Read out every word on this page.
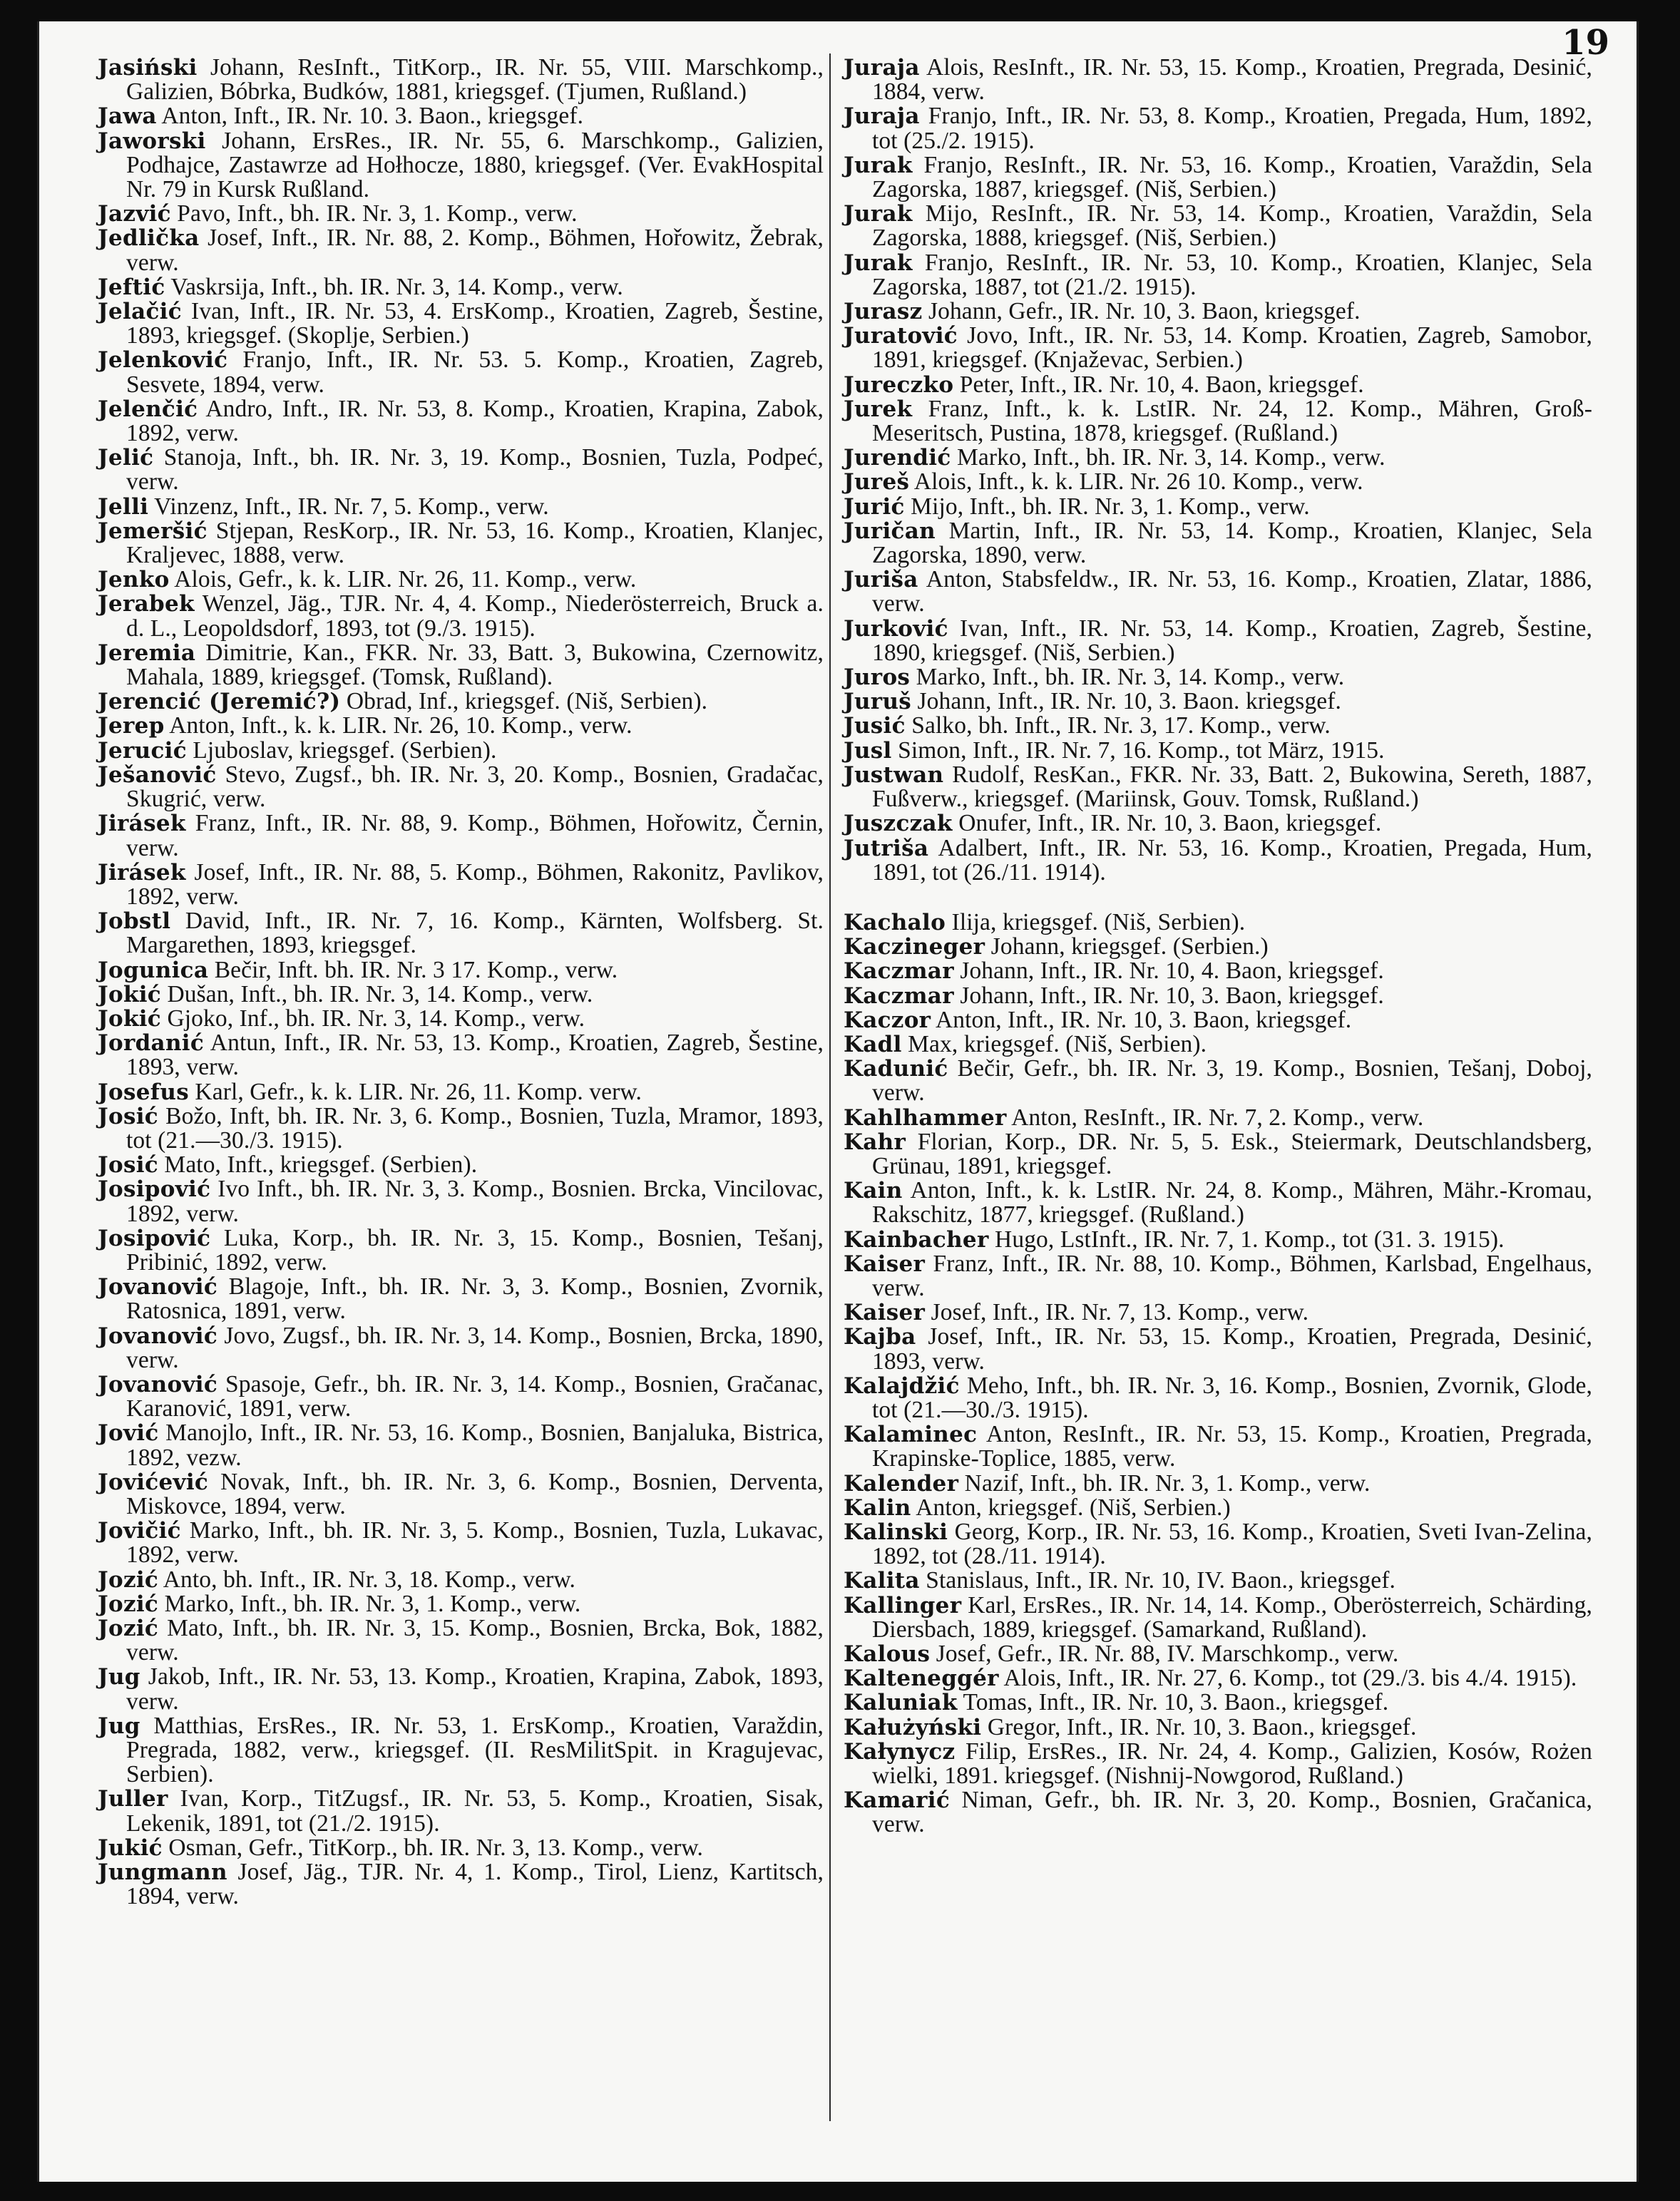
19

Jasiński Johann, ResInft., TitKorp., IR. Nr. 55, VIII. Marschkomp., Galizien, Bóbrka, Budków, 1881, kriegsgef. (Tjumen, Rußland.)

Jawa Anton, Inft., IR. Nr. 10. 3. Baon., kriegsgef.

Jaworski Johann, ErsRes., IR. Nr. 55, 6. Marschkomp., Galizien, Podhajce, Zastawrze ad Hołhocze, 1880, kriegsgef. (Ver. EvakHospital Nr. 79 in Kursk Rußland.

Jazvić Pavo, Inft., bh. IR. Nr. 3, 1. Komp., verw.

Jedlička Josef, Inft., IR. Nr. 88, 2. Komp., Böhmen, Hořowitz, Žebrak, verw.

Jeftić Vaskrsija, Inft., bh. IR. Nr. 3, 14. Komp., verw.

Jelačić Ivan, Inft., IR. Nr. 53, 4. ErsKomp., Kroatien, Zagreb, Šestine, 1893, kriegsgef. (Skoplje, Serbien.)

Jelenković Franjo, Inft., IR. Nr. 53. 5. Komp., Kroatien, Zagreb, Sesvete, 1894, verw.

Jelenčić Andro, Inft., IR. Nr. 53, 8. Komp., Kroatien, Krapina, Zabok, 1892, verw.

Jelić Stanoja, Inft., bh. IR. Nr. 3, 19. Komp., Bosnien, Tuzla, Podpeć, verw.

Jelli Vinzenz, Inft., IR. Nr. 7, 5. Komp., verw.

Jemeršić Stjepan, ResKorp., IR. Nr. 53, 16. Komp., Kroatien, Klanjec, Kraljevec, 1888, verw.

Jenko Alois, Gefr., k. k. LIR. Nr. 26, 11. Komp., verw.

Jerabek Wenzel, Jäg., TJR. Nr. 4, 4. Komp., Niederösterreich, Bruck a. d. L., Leopoldsdorf, 1893, tot (9./3. 1915).

Jeremia Dimitrie, Kan., FKR. Nr. 33, Batt. 3, Bukowina, Czernowitz, Mahala, 1889, kriegsgef. (Tomsk, Rußland).

Jerencić (Jeremić?) Obrad, Inf., kriegsgef. (Niš, Serbien).

Jerep Anton, Inft., k. k. LIR. Nr. 26, 10. Komp., verw.

Jerucić Ljuboslav, kriegsgef. (Serbien).

Ješanović Stevo, Zugsf., bh. IR. Nr. 3, 20. Komp., Bosnien, Gradačac, Skugrić, verw.

Jirásek Franz, Inft., IR. Nr. 88, 9. Komp., Böhmen, Hořowitz, Černin, verw.

Jirásek Josef, Inft., IR. Nr. 88, 5. Komp., Böhmen, Rakonitz, Pavlikov, 1892, verw.

Jobstl David, Inft., IR. Nr. 7, 16. Komp., Kärnten, Wolfsberg. St. Margarethen, 1893, kriegsgef.

Jogunica Bečir, Inft. bh. IR. Nr. 3 17. Komp., verw.

Jokić Dušan, Inft., bh. IR. Nr. 3, 14. Komp., verw.

Jokić Gjoko, Inf., bh. IR. Nr. 3, 14. Komp., verw.

Jordanić Antun, Inft., IR. Nr. 53, 13. Komp., Kroatien, Zagreb, Šestine, 1893, verw.

Josefus Karl, Gefr., k. k. LIR. Nr. 26, 11. Komp. verw.

Josić Božo, Inft, bh. IR. Nr. 3, 6. Komp., Bosnien, Tuzla, Mramor, 1893, tot (21.—30./3. 1915).

Josić Mato, Inft., kriegsgef. (Serbien).

Josipović Ivo Inft., bh. IR. Nr. 3, 3. Komp., Bosnien. Brcka, Vincilovac, 1892, verw.

Josipović Luka, Korp., bh. IR. Nr. 3, 15. Komp., Bosnien, Tešanj, Pribinić, 1892, verw.

Jovanović Blagoje, Inft., bh. IR. Nr. 3, 3. Komp., Bosnien, Zvornik, Ratosnica, 1891, verw.

Jovanović Jovo, Zugsf., bh. IR. Nr. 3, 14. Komp., Bosnien, Brcka, 1890, verw.

Jovanović Spasoje, Gefr., bh. IR. Nr. 3, 14. Komp., Bosnien, Gračanac, Karanović, 1891, verw.

Jović Manojlo, Inft., IR. Nr. 53, 16. Komp., Bosnien, Banjaluka, Bistrica, 1892, vezw.

Jovićević Novak, Inft., bh. IR. Nr. 3, 6. Komp., Bosnien, Derventa, Miskovce, 1894, verw.

Jovičić Marko, Inft., bh. IR. Nr. 3, 5. Komp., Bosnien, Tuzla, Lukavac, 1892, verw.

Jozić Anto, bh. Inft., IR. Nr. 3, 18. Komp., verw.

Jozić Marko, Inft., bh. IR. Nr. 3, 1. Komp., verw.

Jozić Mato, Inft., bh. IR. Nr. 3, 15. Komp., Bosnien, Brcka, Bok, 1882, verw.

Jug Jakob, Inft., IR. Nr. 53, 13. Komp., Kroatien, Krapina, Zabok, 1893, verw.

Jug Matthias, ErsRes., IR. Nr. 53, 1. ErsKomp., Kroatien, Varaždin, Pregrada, 1882, verw., kriegsgef. (II. ResMilitSpit. in Kragujevac, Serbien).

Juller Ivan, Korp., TitZugsf., IR. Nr. 53, 5. Komp., Kroatien, Sisak, Lekenik, 1891, tot (21./2. 1915).

Jukić Osman, Gefr., TitKorp., bh. IR. Nr. 3, 13. Komp., verw.

Jungmann Josef, Jäg., TJR. Nr. 4, 1. Komp., Tirol, Lienz, Kartitsch, 1894, verw.

Juraja Alois, ResInft., IR. Nr. 53, 15. Komp., Kroatien, Pregrada, Desinić, 1884, verw.

Juraja Franjo, Inft., IR. Nr. 53, 8. Komp., Kroatien, Pregada, Hum, 1892, tot (25./2. 1915).

Jurak Franjo, ResInft., IR. Nr. 53, 16. Komp., Kroatien, Varaždin, Sela Zagorska, 1887, kriegsgef. (Niš, Serbien.)

Jurak Mijo, ResInft., IR. Nr. 53, 14. Komp., Kroatien, Varaždin, Sela Zagorska, 1888, kriegsgef. (Niš, Serbien.)

Jurak Franjo, ResInft., IR. Nr. 53, 10. Komp., Kroatien, Klanjec, Sela Zagorska, 1887, tot (21./2. 1915).

Jurasz Johann, Gefr., IR. Nr. 10, 3. Baon, kriegsgef.

Juratović Jovo, Inft., IR. Nr. 53, 14. Komp. Kroatien, Zagreb, Samobor, 1891, kriegsgef. (Knjaževac, Serbien.)

Jureczko Peter, Inft., IR. Nr. 10, 4. Baon, kriegsgef.

Jurek Franz, Inft., k. k. LstIR. Nr. 24, 12. Komp., Mähren, Groß-Meseritsch, Pustina, 1878, kriegsgef. (Rußland.)

Jurendić Marko, Inft., bh. IR. Nr. 3, 14. Komp., verw.

Jureš Alois, Inft., k. k. LIR. Nr. 26 10. Komp., verw.

Jurić Mijo, Inft., bh. IR. Nr. 3, 1. Komp., verw.

Juričan Martin, Inft., IR. Nr. 53, 14. Komp., Kroatien, Klanjec, Sela Zagorska, 1890, verw.

Juriša Anton, Stabsfeldw., IR. Nr. 53, 16. Komp., Kroatien, Zlatar, 1886, verw.

Jurković Ivan, Inft., IR. Nr. 53, 14. Komp., Kroatien, Zagreb, Šestine, 1890, kriegsgef. (Niš, Serbien.)

Juros Marko, Inft., bh. IR. Nr. 3, 14. Komp., verw.

Juruš Johann, Inft., IR. Nr. 10, 3. Baon. kriegsgef.

Jusić Salko, bh. Inft., IR. Nr. 3, 17. Komp., verw.

Jusl Simon, Inft., IR. Nr. 7, 16. Komp., tot März, 1915.

Justwan Rudolf, ResKan., FKR. Nr. 33, Batt. 2, Bukowina, Sereth, 1887, Fußverw., kriegsgef. (Mariinsk, Gouv. Tomsk, Rußland.)

Juszczak Onufer, Inft., IR. Nr. 10, 3. Baon, kriegsgef.

Jutriša Adalbert, Inft., IR. Nr. 53, 16. Komp., Kroatien, Pregada, Hum, 1891, tot (26./11. 1914).

Kachalo Ilija, kriegsgef. (Niš, Serbien).

Kaczineger Johann, kriegsgef. (Serbien.)

Kaczmar Johann, Inft., IR. Nr. 10, 4. Baon, kriegsgef.

Kaczmar Johann, Inft., IR. Nr. 10, 3. Baon, kriegsgef.

Kaczor Anton, Inft., IR. Nr. 10, 3. Baon, kriegsgef.

Kadl Max, kriegsgef. (Niš, Serbien).

Kadunić Bečir, Gefr., bh. IR. Nr. 3, 19. Komp., Bosnien, Tešanj, Doboj, verw.

Kahlhammer Anton, ResInft., IR. Nr. 7, 2. Komp., verw.

Kahr Florian, Korp., DR. Nr. 5, 5. Esk., Steiermark, Deutschlandsberg, Grünau, 1891, kriegsgef.

Kain Anton, Inft., k. k. LstIR. Nr. 24, 8. Komp., Mähren, Mähr.-Kromau, Rakschitz, 1877, kriegsgef. (Rußland.)

Kainbacher Hugo, LstInft., IR. Nr. 7, 1. Komp., tot (31. 3. 1915).

Kaiser Franz, Inft., IR. Nr. 88, 10. Komp., Böhmen, Karlsbad, Engelhaus, verw.

Kaiser Josef, Inft., IR. Nr. 7, 13. Komp., verw.

Kajba Josef, Inft., IR. Nr. 53, 15. Komp., Kroatien, Pregrada, Desinić, 1893, verw.

Kalajdžić Meho, Inft., bh. IR. Nr. 3, 16. Komp., Bosnien, Zvornik, Glode, tot (21.—30./3. 1915).

Kalaminec Anton, ResInft., IR. Nr. 53, 15. Komp., Kroatien, Pregrada, Krapinske-Toplice, 1885, verw.

Kalender Nazif, Inft., bh. IR. Nr. 3, 1. Komp., verw.

Kalin Anton, kriegsgef. (Niš, Serbien.)

Kalinski Georg, Korp., IR. Nr. 53, 16. Komp., Kroatien, Sveti Ivan-Zelina, 1892, tot (28./11. 1914).

Kalita Stanislaus, Inft., IR. Nr. 10, IV. Baon., kriegsgef.

Kallinger Karl, ErsRes., IR. Nr. 14, 14. Komp., Oberösterreich, Schärding, Diersbach, 1889, kriegsgef. (Samarkand, Rußland).

Kalous Josef, Gefr., IR. Nr. 88, IV. Marschkomp., verw.

Kalteneggér Alois, Inft., IR. Nr. 27, 6. Komp., tot (29./3. bis 4./4. 1915).

Kaluniak Tomas, Inft., IR. Nr. 10, 3. Baon., kriegsgef.

Kałużyński Gregor, Inft., IR. Nr. 10, 3. Baon., kriegsgef.

Kałynycz Filip, ErsRes., IR. Nr. 24, 4. Komp., Galizien, Kosów, Rożen wielki, 1891. kriegsgef. (Nishnij-Nowgorod, Rußland.)

Kamarić Niman, Gefr., bh. IR. Nr. 3, 20. Komp., Bosnien, Gračanica, verw.
